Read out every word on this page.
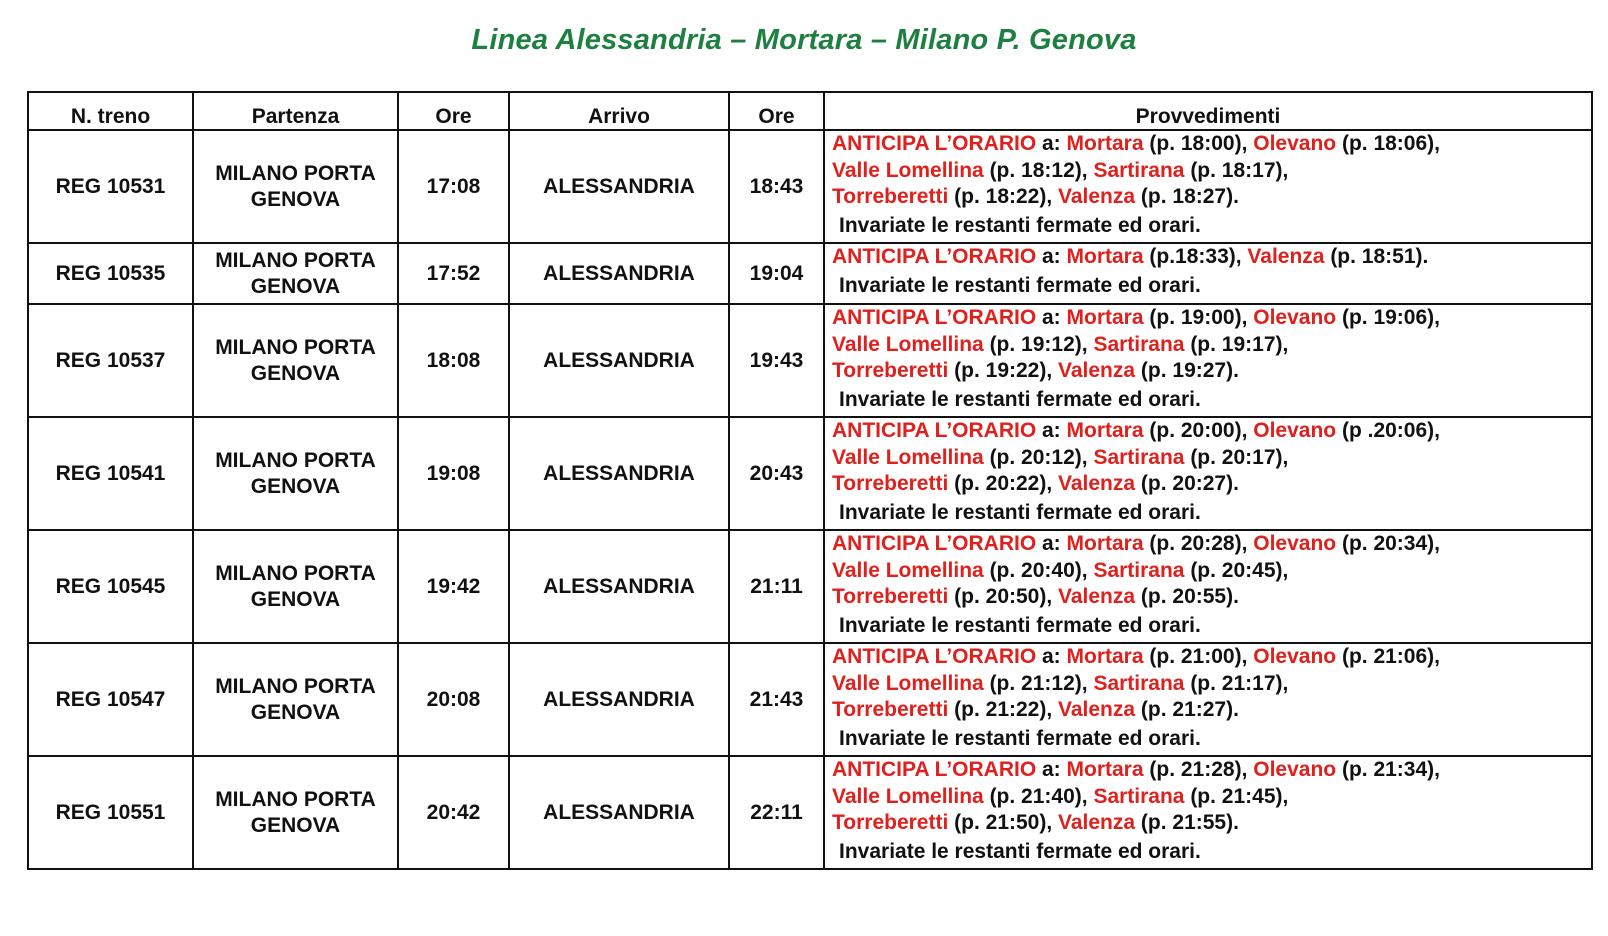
Linea Alessandria – Mortara – Milano P. Genova
N. treno	Partenza	Ore	Arrivo	Ore	Provvedimenti
REG 10531	MILANO PORTA
GENOVA	17:08	ALESSANDRIA	18:43	ANTICIPA L’ORARIO a: Mortara (p. 18:00), Olevano (p. 18:06),
Valle Lomellina (p. 18:12), Sartirana (p. 18:17),
Torreberetti (p. 18:22), Valenza (p. 18:27).
Invariate le restanti fermate ed orari.

REG 10535	MILANO PORTA
GENOVA	17:52	ALESSANDRIA	19:04	ANTICIPA L’ORARIO a: Mortara (p.18:33), Valenza (p. 18:51).
Invariate le restanti fermate ed orari.

REG 10537	MILANO PORTA
GENOVA	18:08	ALESSANDRIA	19:43	ANTICIPA L’ORARIO a: Mortara (p. 19:00), Olevano (p. 19:06),
Valle Lomellina (p. 19:12), Sartirana (p. 19:17),
Torreberetti (p. 19:22), Valenza (p. 19:27).
Invariate le restanti fermate ed orari.

REG 10541	MILANO PORTA
GENOVA	19:08	ALESSANDRIA	20:43	ANTICIPA L’ORARIO a: Mortara (p. 20:00), Olevano (p .20:06),
Valle Lomellina (p. 20:12), Sartirana (p. 20:17),
Torreberetti (p. 20:22), Valenza (p. 20:27).
Invariate le restanti fermate ed orari.

REG 10545	MILANO PORTA
GENOVA	19:42	ALESSANDRIA	21:11	ANTICIPA L’ORARIO a: Mortara (p. 20:28), Olevano (p. 20:34),
Valle Lomellina (p. 20:40), Sartirana (p. 20:45),
Torreberetti (p. 20:50), Valenza (p. 20:55).
Invariate le restanti fermate ed orari.

REG 10547	MILANO PORTA
GENOVA	20:08	ALESSANDRIA	21:43	ANTICIPA L’ORARIO a: Mortara (p. 21:00), Olevano (p. 21:06),
Valle Lomellina (p. 21:12), Sartirana (p. 21:17),
Torreberetti (p. 21:22), Valenza (p. 21:27).
Invariate le restanti fermate ed orari.

REG 10551	MILANO PORTA
GENOVA	20:42	ALESSANDRIA	22:11	ANTICIPA L’ORARIO a: Mortara (p. 21:28), Olevano (p. 21:34),
Valle Lomellina (p. 21:40), Sartirana (p. 21:45),
Torreberetti (p. 21:50), Valenza (p. 21:55).
Invariate le restanti fermate ed orari.
